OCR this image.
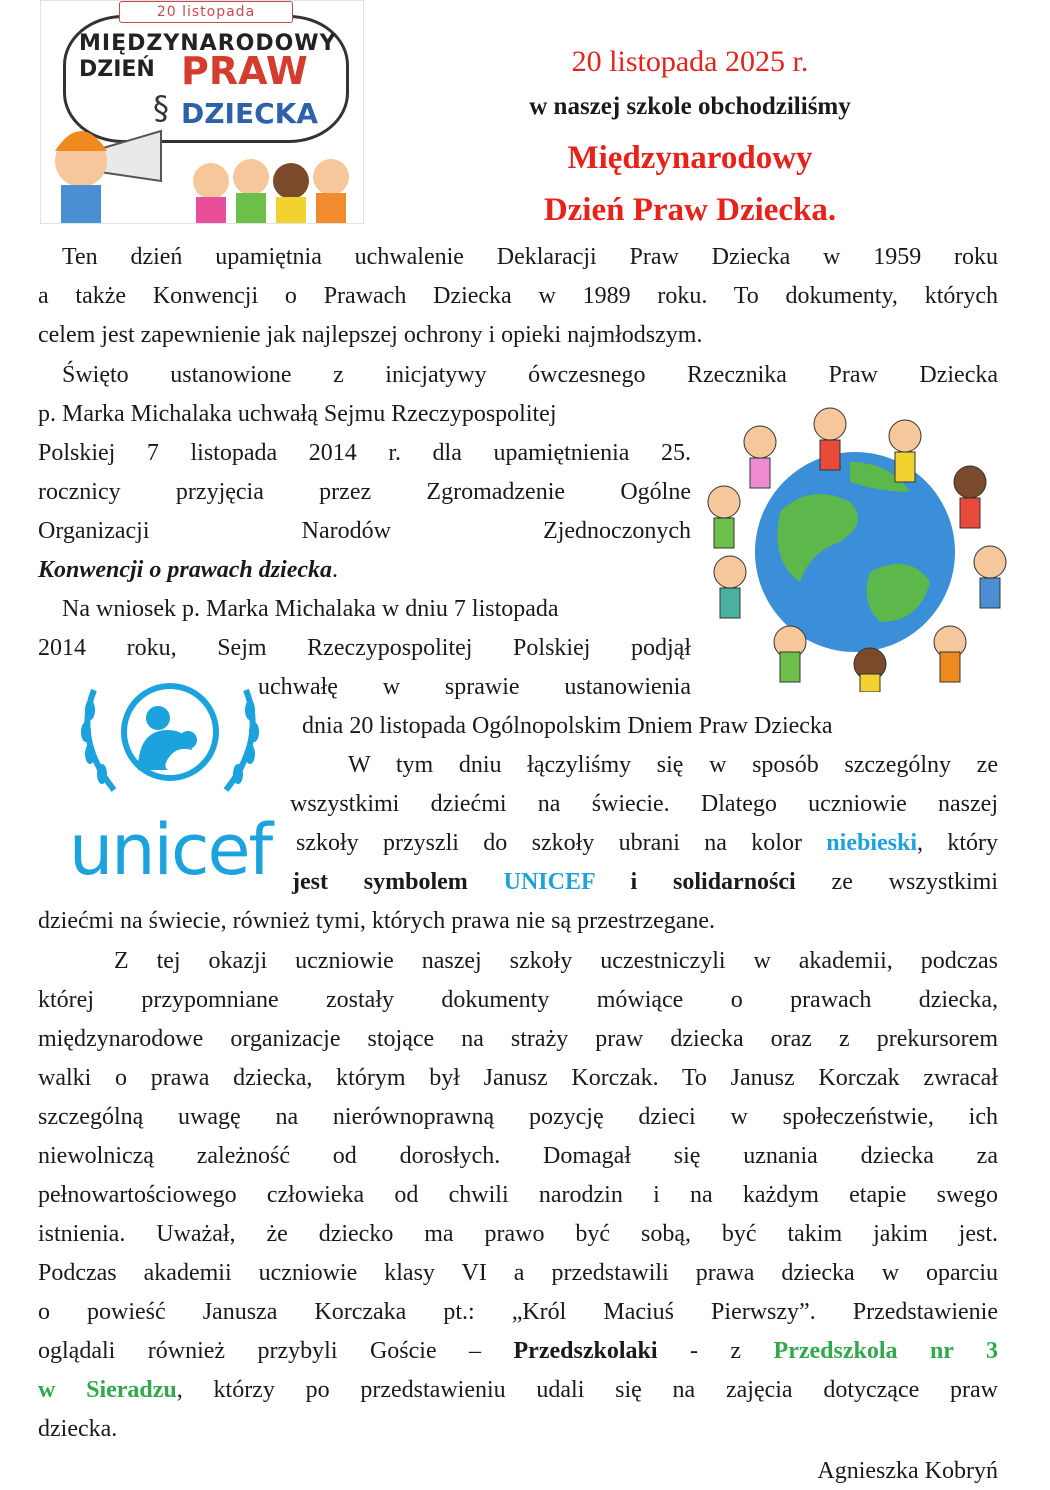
20 listopada
MIĘDZYNARODOWY
DZIEŃ PRAW
§ DZIECKA
20 listopada 2025 r.
w naszej szkole obchodziliśmy
Międzynarodowy
Dzień Praw Dziecka.
Ten dzień upamiętnia uchwalenie Deklaracji Praw Dziecka w 1959 roku
a także Konwencji o Prawach Dziecka w 1989 roku. To dokumenty, których
celem jest zapewnienie jak najlepszej ochrony i opieki najmłodszym.
Święto ustanowione z inicjatywy ówczesnego Rzecznika Praw Dziecka
p. Marka Michalaka uchwałą Sejmu Rzeczypospolitej
Polskiej 7 listopada 2014 r. dla upamiętnienia 25.
rocznicy przyjęcia przez Zgromadzenie Ogólne
Organizacji Narodów Zjednoczonych
Konwencji o prawach dziecka.
Na wniosek p. Marka Michalaka w dniu 7 listopada
2014 roku, Sejm Rzeczypospolitej Polskiej podjął
uchwałę w sprawie ustanowienia
dnia 20 listopada Ogólnopolskim Dniem Praw Dziecka
unicef
W tym dniu łączyliśmy się w sposób szczególny ze
wszystkimi dziećmi na świecie. Dlatego uczniowie naszej
szkoły przyszli do szkoły ubrani na kolor niebieski, który
jest symbolem UNICEF i solidarności ze wszystkimi
dziećmi na świecie, również tymi, których prawa nie są przestrzegane.
Z tej okazji uczniowie naszej szkoły uczestniczyli w akademii, podczas
której przypomniane zostały dokumenty mówiące o prawach dziecka,
międzynarodowe organizacje stojące na straży praw dziecka oraz z prekursorem
walki o prawa dziecka, którym był Janusz Korczak. To Janusz Korczak zwracał
szczególną uwagę na nierównoprawną pozycję dzieci w społeczeństwie, ich
niewolniczą zależność od dorosłych. Domagał się uznania dziecka za
pełnowartościowego człowieka od chwili narodzin i na każdym etapie swego
istnienia. Uważał, że dziecko ma prawo być sobą, być takim jakim jest.
Podczas akademii uczniowie klasy VI a przedstawili prawa dziecka w oparciu
o powieść Janusza Korczaka pt.: „Król Maciuś Pierwszy”. Przedstawienie
oglądali również przybyli Goście – Przedszkolaki - z Przedszkola nr 3
w Sieradzu, którzy po przedstawieniu udali się na zajęcia dotyczące praw
dziecka.
Agnieszka Kobryń
